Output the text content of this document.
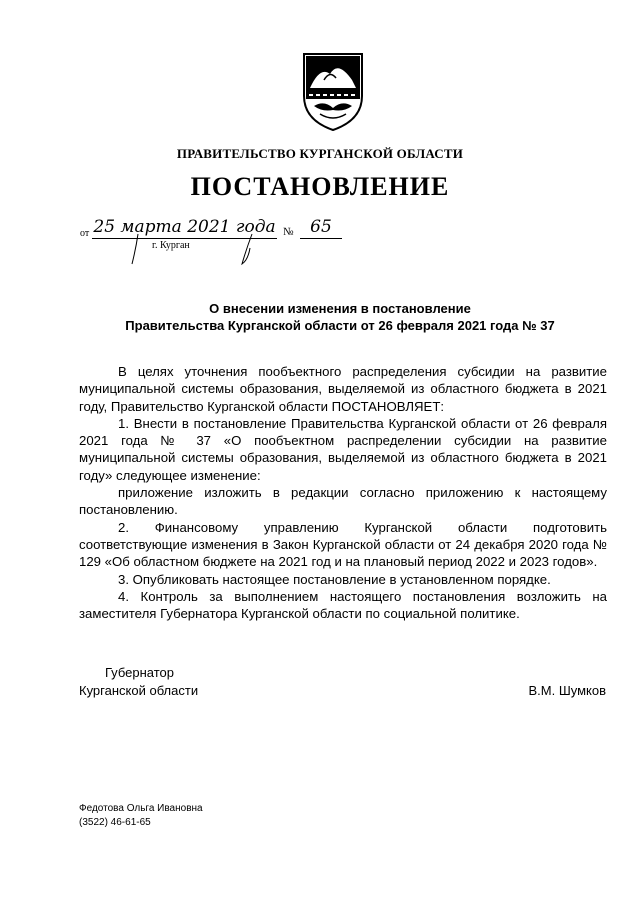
ПРАВИТЕЛЬСТВО КУРГАНСКОЙ ОБЛАСТИ
ПОСТАНОВЛЕНИЕ
от 25 марта 2021 года № 65
г. Курган
О внесении изменения в постановление
Правительства Курганской области от 26 февраля 2021 года № 37

В целях уточнения пообъектного распределения субсидии на развитие муниципальной системы образования, выделяемой из областного бюджета в 2021 году, Правительство Курганской области ПОСТАНОВЛЯЕТ:

1. Внести в постановление Правительства Курганской области от 26 февраля 2021 года № 37 «О пообъектном распределении субсидии на развитие муниципальной системы образования, выделяемой из областного бюджета в 2021 году» следующее изменение:

приложение изложить в редакции согласно приложению к настоящему постановлению.

2. Финансовому управлению Курганской области подготовить соответствующие изменения в Закон Курганской области от 24 декабря 2020 года № 129 «Об областном бюджете на 2021 год и на плановый период 2022 и 2023 годов».

3. Опубликовать настоящее постановление в установленном порядке.

4. Контроль за выполнением настоящего постановления возложить на заместителя Губернатора Курганской области по социальной политике.

Губернатор
Курганской области	В.М. Шумков
Федотова Ольга Ивановна
(3522) 46-61-65
